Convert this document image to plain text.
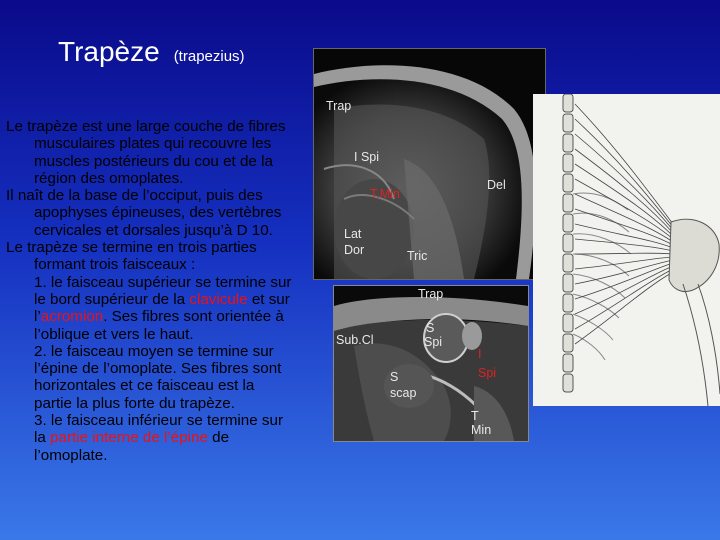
Trapèze (trapezius)

Le trapèze est une large couche de fibres musculaires plates qui recouvre les muscles postérieurs du cou et de la région des omoplates.

Il naît de la base de l’occiput, puis des apophyses épineuses, des vertèbres cervicales et dorsales jusqu’à D 10.

Le trapèze se termine en trois parties formant trois faisceaux :
1. le faisceau supérieur se termine sur le bord supérieur de la clavicule et sur l’acromion. Ses fibres sont orientée à l’oblique et vers le haut.
2. le faisceau moyen se termine sur l’épine de l’omoplate. Ses fibres sont horizontales et ce faisceau est la partie la plus forte du trapèze.
3. le faisceau inférieur se termine sur la partie interne de l’épine de l’omoplate.

Trap
I Spi
T.Min
Del
Lat
Dor	Tric
Trap
Sub.Cl
S
Spi
I
Spi
S
scap
T
Min
